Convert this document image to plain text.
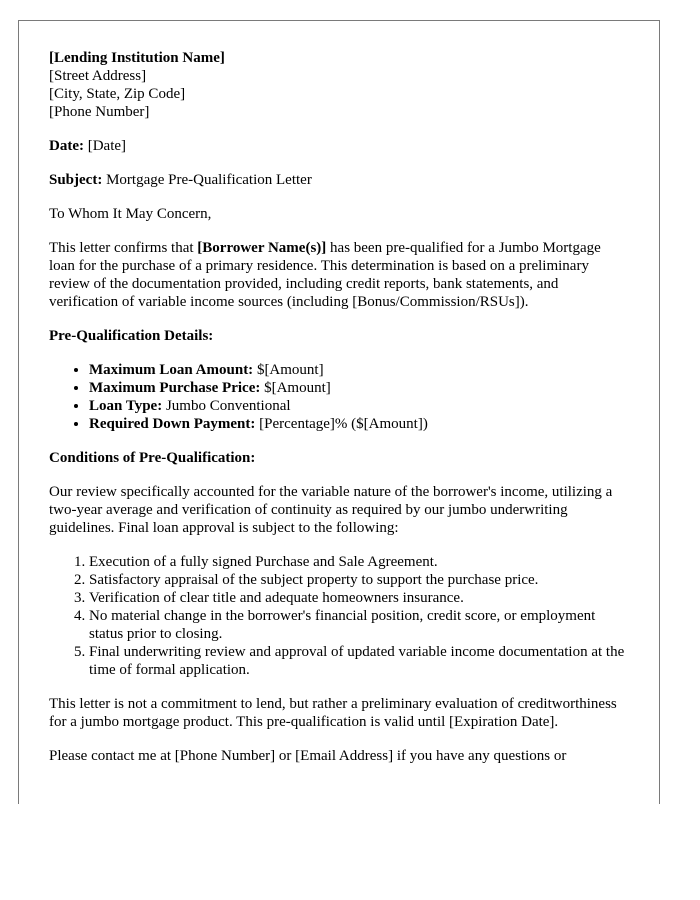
[Lending Institution Name]
[Street Address]
[City, State, Zip Code]
[Phone Number]

Date: [Date]

Subject: Mortgage Pre-Qualification Letter

To Whom It May Concern,

This letter confirms that [Borrower Name(s)] has been pre-qualified for a Jumbo Mortgage loan for the purchase of a primary residence. This determination is based on a preliminary review of the documentation provided, including credit reports, bank statements, and verification of variable income sources (including [Bonus/Commission/RSUs]).

Pre-Qualification Details:

• Maximum Loan Amount: $[Amount]
• Maximum Purchase Price: $[Amount]
• Loan Type: Jumbo Conventional
• Required Down Payment: [Percentage]% ($[Amount])

Conditions of Pre-Qualification:

Our review specifically accounted for the variable nature of the borrower's income, utilizing a two-year average and verification of continuity as required by our jumbo underwriting guidelines. Final loan approval is subject to the following:

1. Execution of a fully signed Purchase and Sale Agreement.
2. Satisfactory appraisal of the subject property to support the purchase price.
3. Verification of clear title and adequate homeowners insurance.
4. No material change in the borrower's financial position, credit score, or employment status prior to closing.
5. Final underwriting review and approval of updated variable income documentation at the time of formal application.

This letter is not a commitment to lend, but rather a preliminary evaluation of creditworthiness for a jumbo mortgage product. This pre-qualification is valid until [Expiration Date].

Please contact me at [Phone Number] or [Email Address] if you have any questions or
